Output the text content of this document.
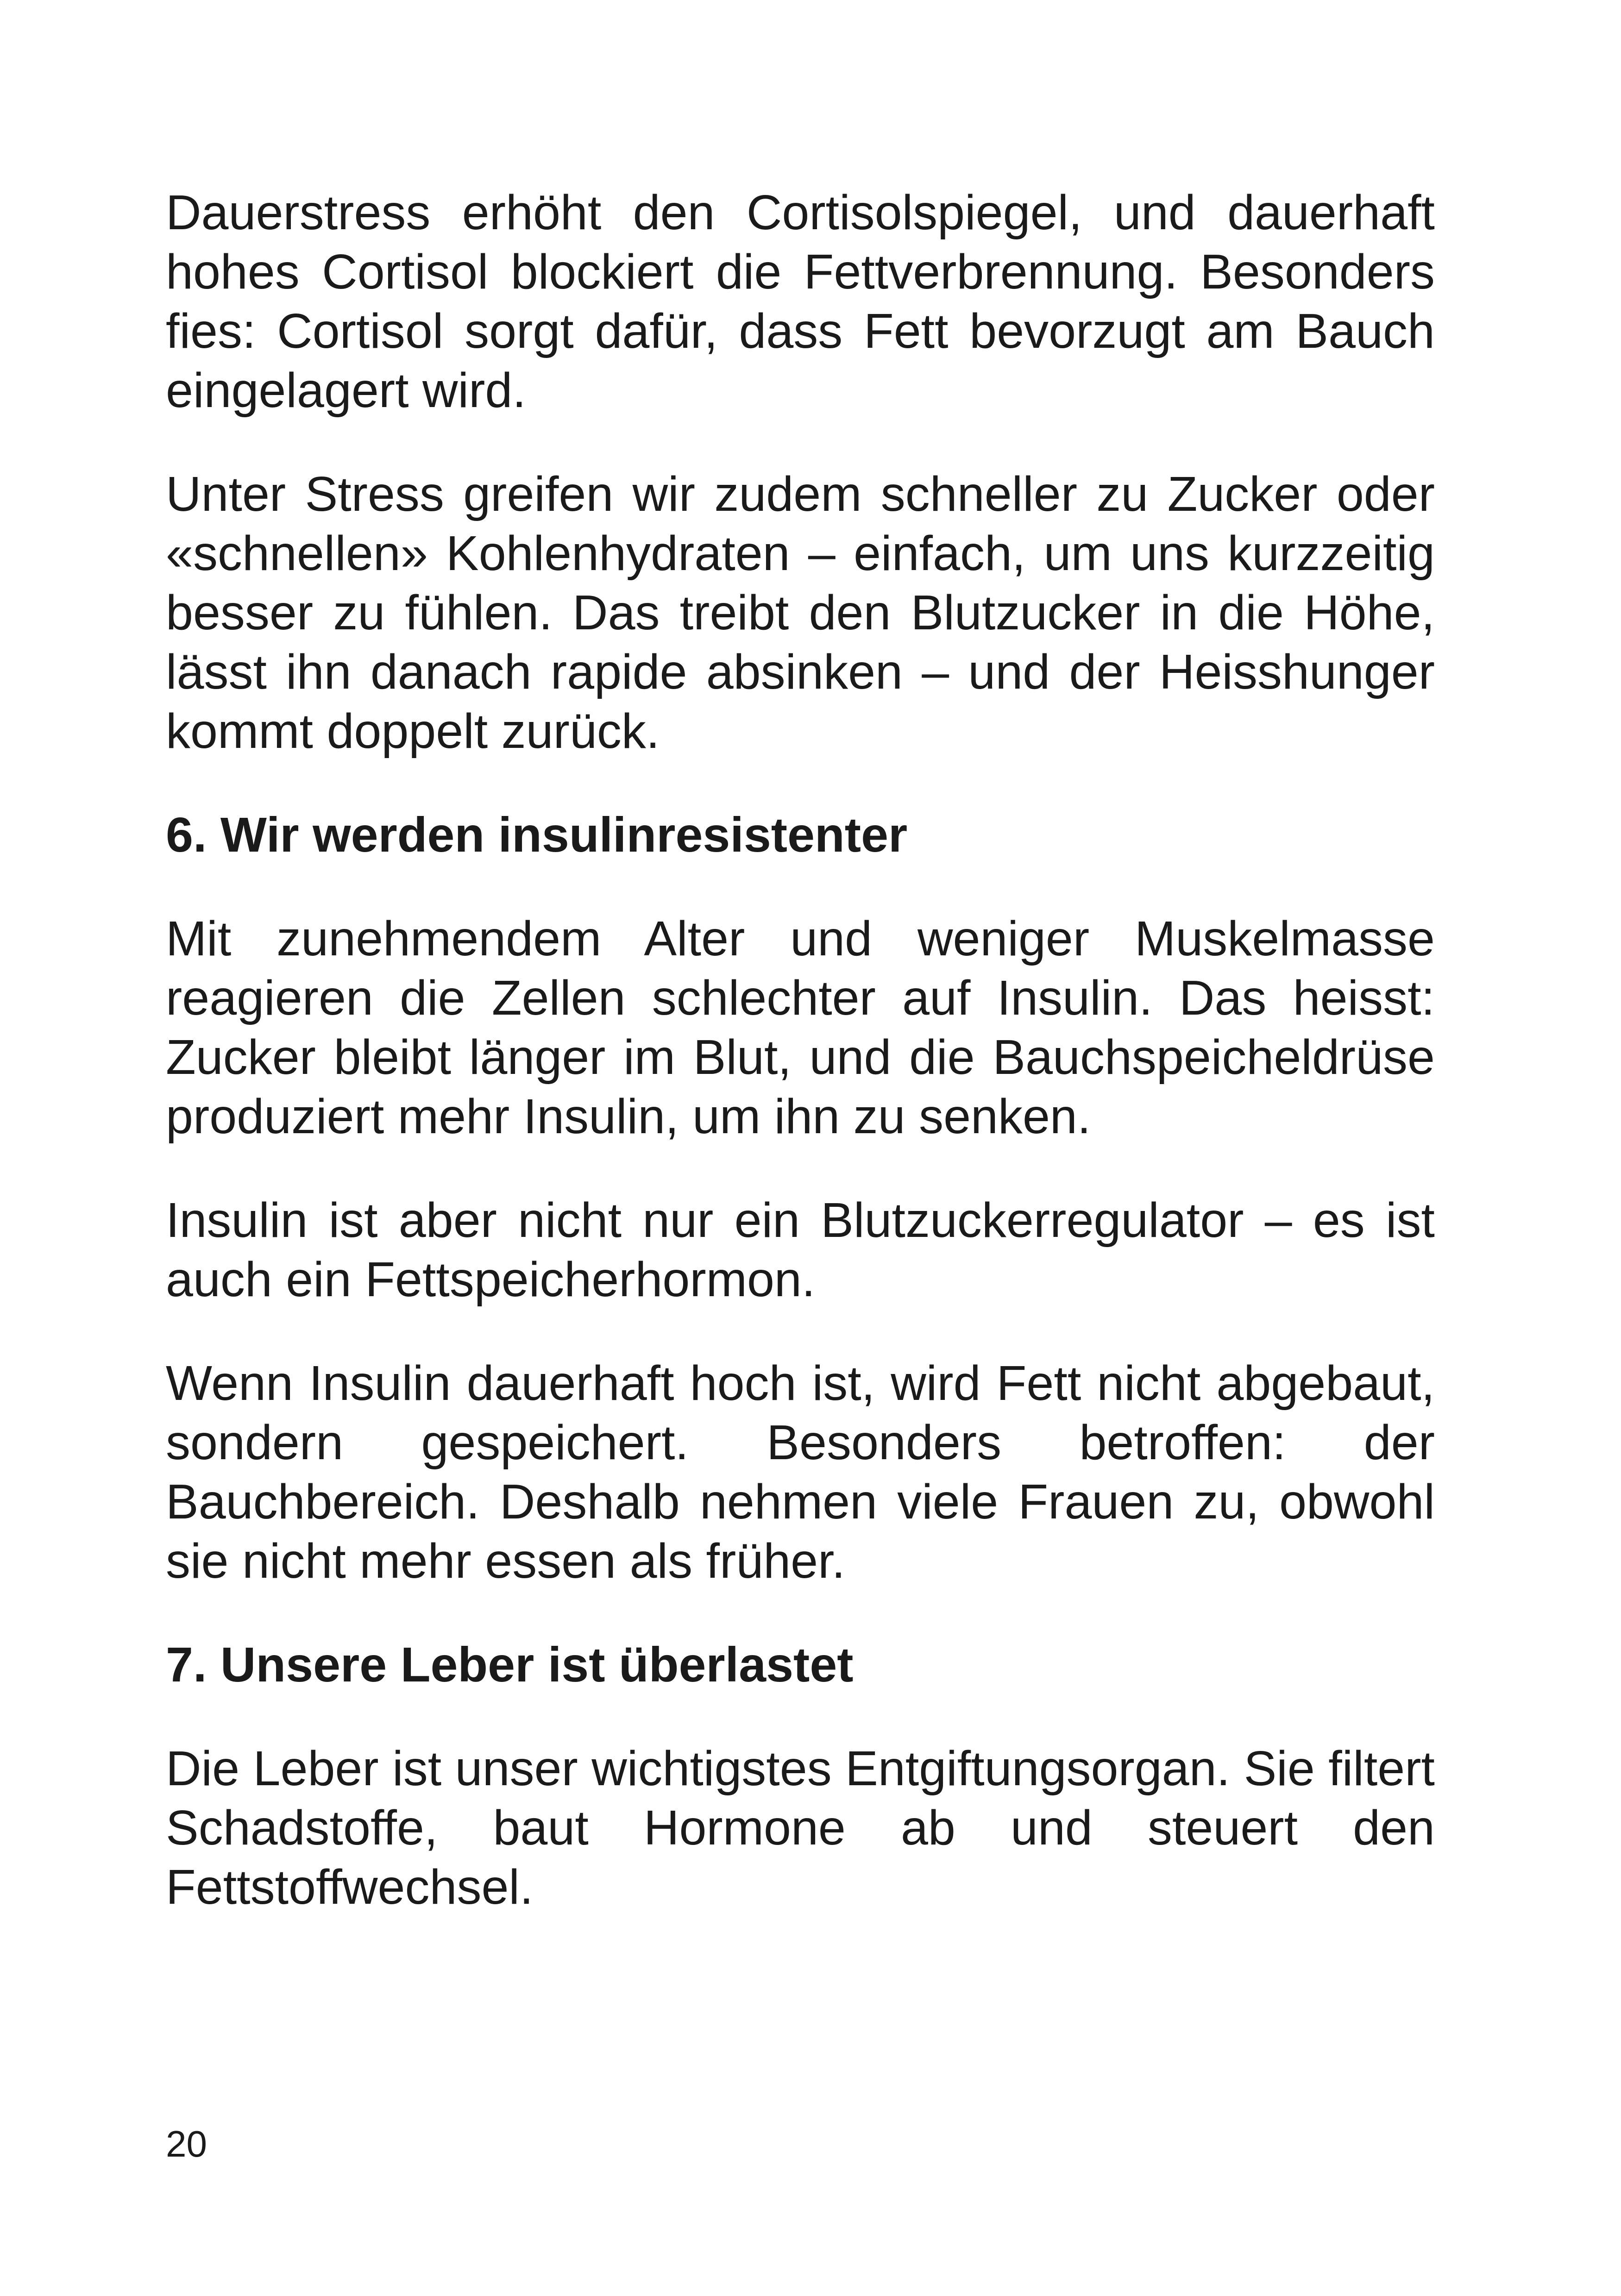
Dauerstress erhöht den Cortisolspiegel, und dauerhaft hohes Cortisol blockiert die Fettverbrennung. Besonders fies: Cortisol sorgt dafür, dass Fett bevorzugt am Bauch eingelagert wird.

Unter Stress greifen wir zudem schneller zu Zucker oder «schnellen» Kohlenhydraten – einfach, um uns kurzzeitig besser zu fühlen. Das treibt den Blutzucker in die Höhe, lässt ihn danach rapide absinken – und der Heisshunger kommt doppelt zurück.

6. Wir werden insulinresistenter

Mit zunehmendem Alter und weniger Muskelmasse reagieren die Zellen schlechter auf Insulin. Das heisst: Zucker bleibt länger im Blut, und die Bauchspeicheldrüse produziert mehr Insulin, um ihn zu senken.

Insulin ist aber nicht nur ein Blutzuckerregulator – es ist auch ein Fettspeicherhormon.

Wenn Insulin dauerhaft hoch ist, wird Fett nicht abgebaut, sondern gespeichert. Besonders betroffen: der Bauchbereich. Deshalb nehmen viele Frauen zu, obwohl sie nicht mehr essen als früher.

7. Unsere Leber ist überlastet

Die Leber ist unser wichtigstes Entgiftungsorgan. Sie filtert Schadstoffe, baut Hormone ab und steuert den Fettstoffwechsel.

20
